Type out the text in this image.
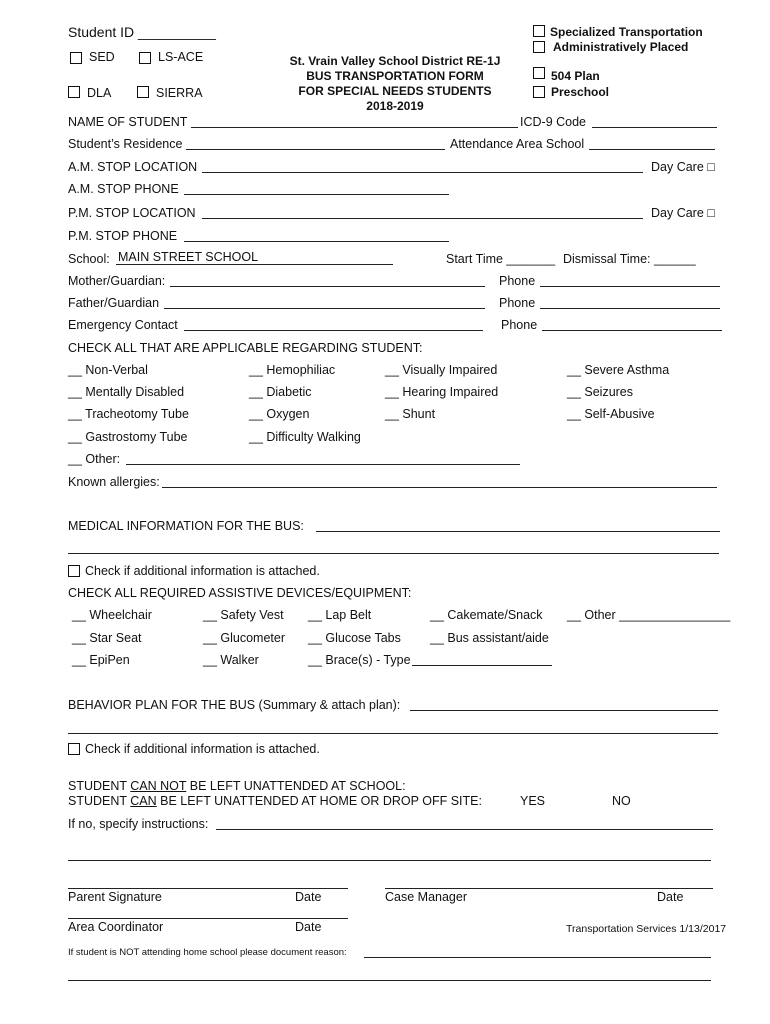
Student ID __________
SED	LS-ACE
DLA	SIERRA
St. Vrain Valley School District RE-1J
BUS TRANSPORTATION FORM
FOR SPECIAL NEEDS STUDENTS
2018-2019
Specialized Transportation
Administratively Placed
504 Plan
Preschool
NAME OF STUDENT	ICD-9 Code
Student’s Residence	Attendance Area School
A.M. STOP LOCATION	Day Care □
A.M. STOP PHONE
P.M. STOP LOCATION	Day Care □
P.M. STOP PHONE
School: MAIN STREET SCHOOL	Start Time _______ Dismissal Time: ______
Mother/Guardian:	Phone
Father/Guardian	Phone
Emergency Contact	Phone
CHECK ALL THAT ARE APPLICABLE REGARDING STUDENT:
__ Non-Verbal	__ Hemophiliac	__ Visually Impaired	__ Severe Asthma
__ Mentally Disabled	__ Diabetic	__ Hearing Impaired	__ Seizures
__ Tracheotomy Tube	__ Oxygen	__ Shunt	__ Self-Abusive
__ Gastrostomy Tube	__ Difficulty Walking
__ Other:
Known allergies:
MEDICAL INFORMATION FOR THE BUS:
Check if additional information is attached.
CHECK ALL REQUIRED ASSISTIVE DEVICES/EQUIPMENT:
__ Wheelchair	__ Safety Vest __ Lap Belt	__ Cakemate/Snack __ Other ________________
__ Star Seat	__ Glucometer __ Glucose Tabs __ Bus assistant/aide
__ EpiPen	__ Walker	__ Brace(s) - Type
BEHAVIOR PLAN FOR THE BUS (Summary & attach plan):
Check if additional information is attached.
STUDENT CAN NOT BE LEFT UNATTENDED AT SCHOOL:
STUDENT CAN BE LEFT UNATTENDED AT HOME OR DROP OFF SITE:	YES	NO
If no, specify instructions:
Parent Signature	Date	Case Manager	Date
Area Coordinator	Date	Transportation Services 1/13/2017
If student is NOT attending home school please document reason:
